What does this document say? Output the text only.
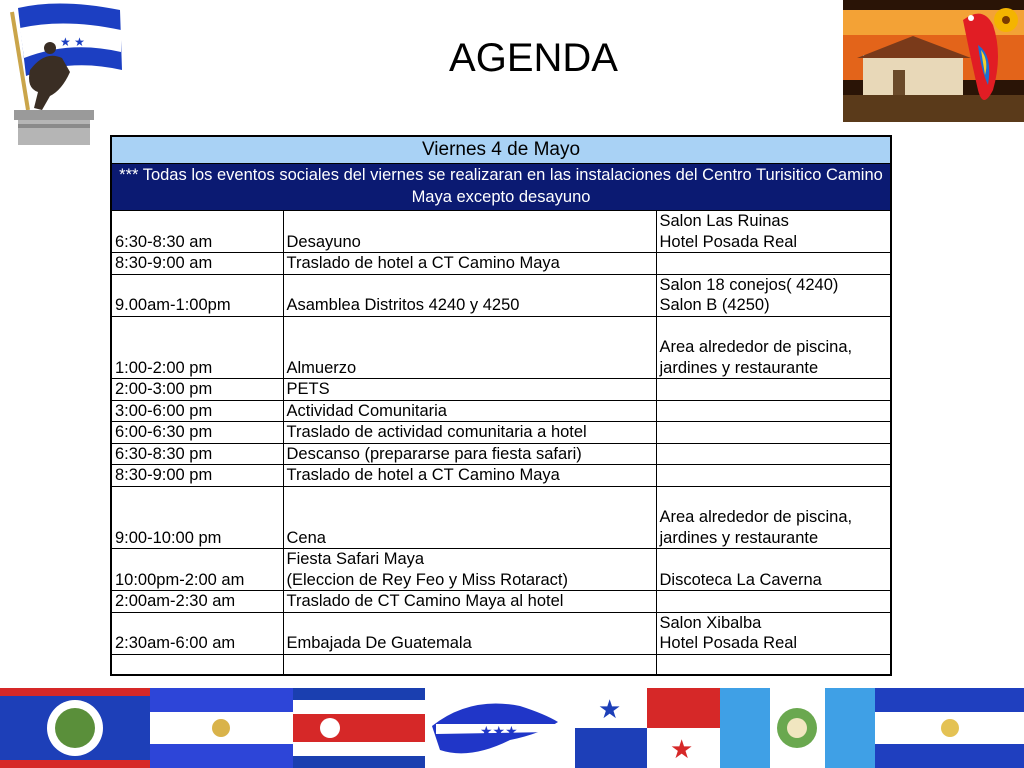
★ ★	AGENDA
Viernes 4 de Mayo		
*** Todas los eventos sociales del viernes se realizaran en las instalaciones del Centro Turisitico Camino Maya excepto desayuno		
6:30-8:30 am	Desayuno	Salon Las Ruinas
Hotel Posada Real

8:30-9:00 am	Traslado de hotel a CT Camino Maya	

9.00am-1:00pm	Asamblea Distritos 4240 y 4250	Salon 18 conejos( 4240)
Salon B (4250)

1:00-2:00 pm	Almuerzo	Area alrededor de piscina,
jardines y restaurante

2:00-3:00 pm	PETS	

3:00-6:00 pm	Actividad Comunitaria	

6:00-6:30 pm	Traslado de actividad comunitaria a hotel	

6:30-8:30 pm	Descanso (prepararse para fiesta safari)	

8:30-9:00 pm	Traslado de hotel a CT Camino Maya	

9:00-10:00 pm	Cena	Area alrededor de piscina,
jardines y restaurante

10:00pm-2:00 am	Fiesta Safari Maya
(Eleccion de Rey Feo y Miss Rotaract)	Discoteca La Caverna

2:00am-2:30 am	Traslado de CT Camino Maya al hotel	

2:30am-6:00 am	Embajada De Guatemala	Salon Xibalba
Hotel Posada Real

★★★
★
★
